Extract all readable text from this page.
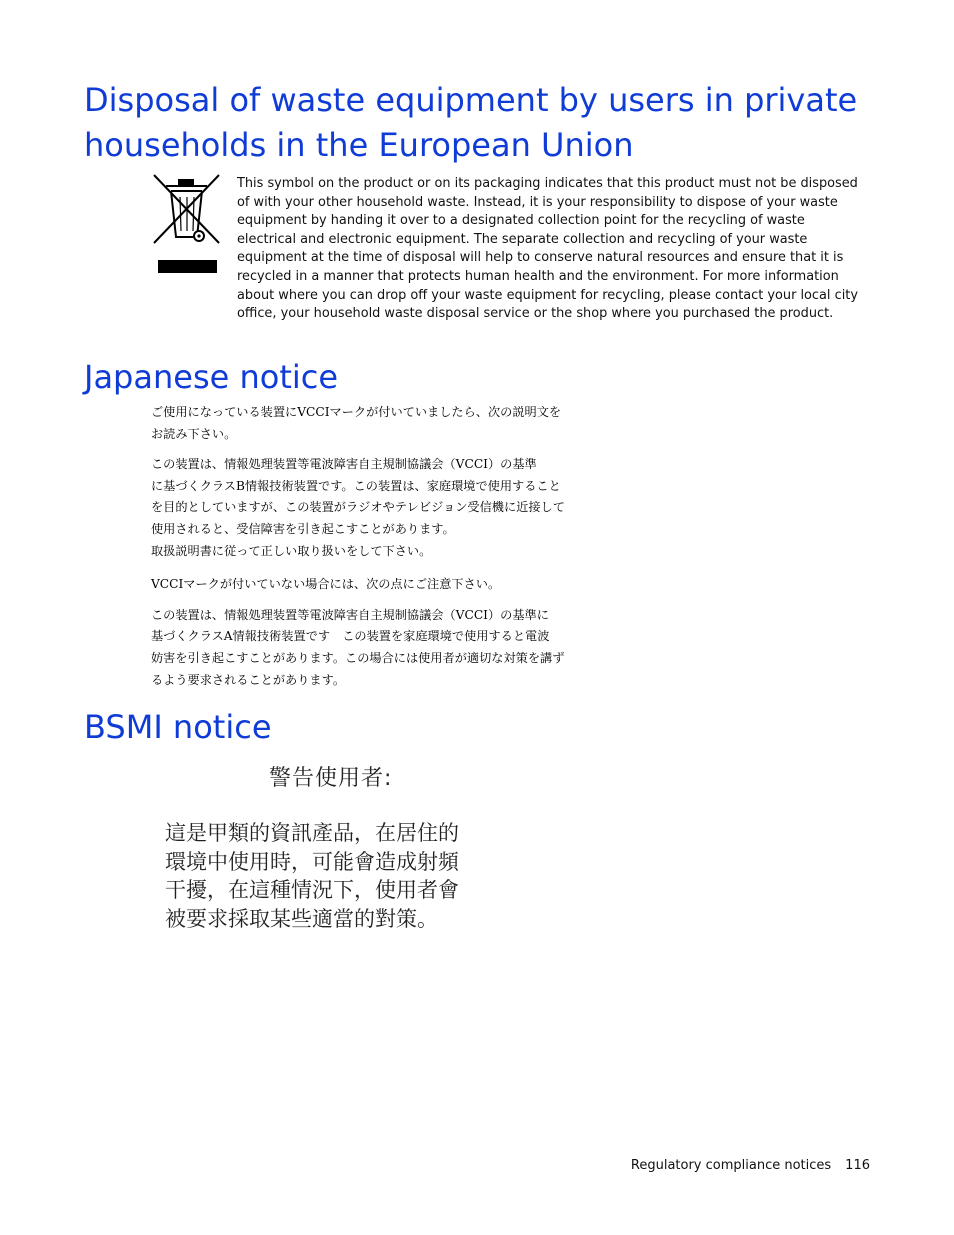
Disposal of waste equipment by users in private households in the European Union

This symbol on the product or on its packaging indicates that this product must not be disposed of with your other household waste. Instead, it is your responsibility to dispose of your waste equipment by handing it over to a designated collection point for the recycling of waste electrical and electronic equipment. The separate collection and recycling of your waste equipment at the time of disposal will help to conserve natural resources and ensure that it is recycled in a manner that protects human health and the environment. For more information about where you can drop off your waste equipment for recycling, please contact your local city office, your household waste disposal service or the shop where you purchased the product.

Japanese notice

ご使用になっている装置にVCCIマークが付いていましたら、次の説明文を
お読み下さい。

この装置は、情報処理装置等電波障害自主規制協議会（VCCI）の基準
に基づくクラスB情報技術装置です。この装置は、家庭環境で使用すること
を目的としていますが、この装置がラジオやテレビジョン受信機に近接して
使用されると、受信障害を引き起こすことがあります。
取扱説明書に従って正しい取り扱いをして下さい。

VCCIマークが付いていない場合には、次の点にご注意下さい。

この装置は、情報処理装置等電波障害自主規制協議会（VCCI）の基準に
基づくクラスA情報技術装置です　この装置を家庭環境で使用すると電波
妨害を引き起こすことがあります。この場合には使用者が適切な対策を講ず
るよう要求されることがあります。

BSMI notice
警告使用者:
這是甲類的資訊產品，在居住的
環境中使用時，可能會造成射頻
干擾，在這種情況下，使用者會
被要求採取某些適當的對策。
Regulatory compliance notices 116
